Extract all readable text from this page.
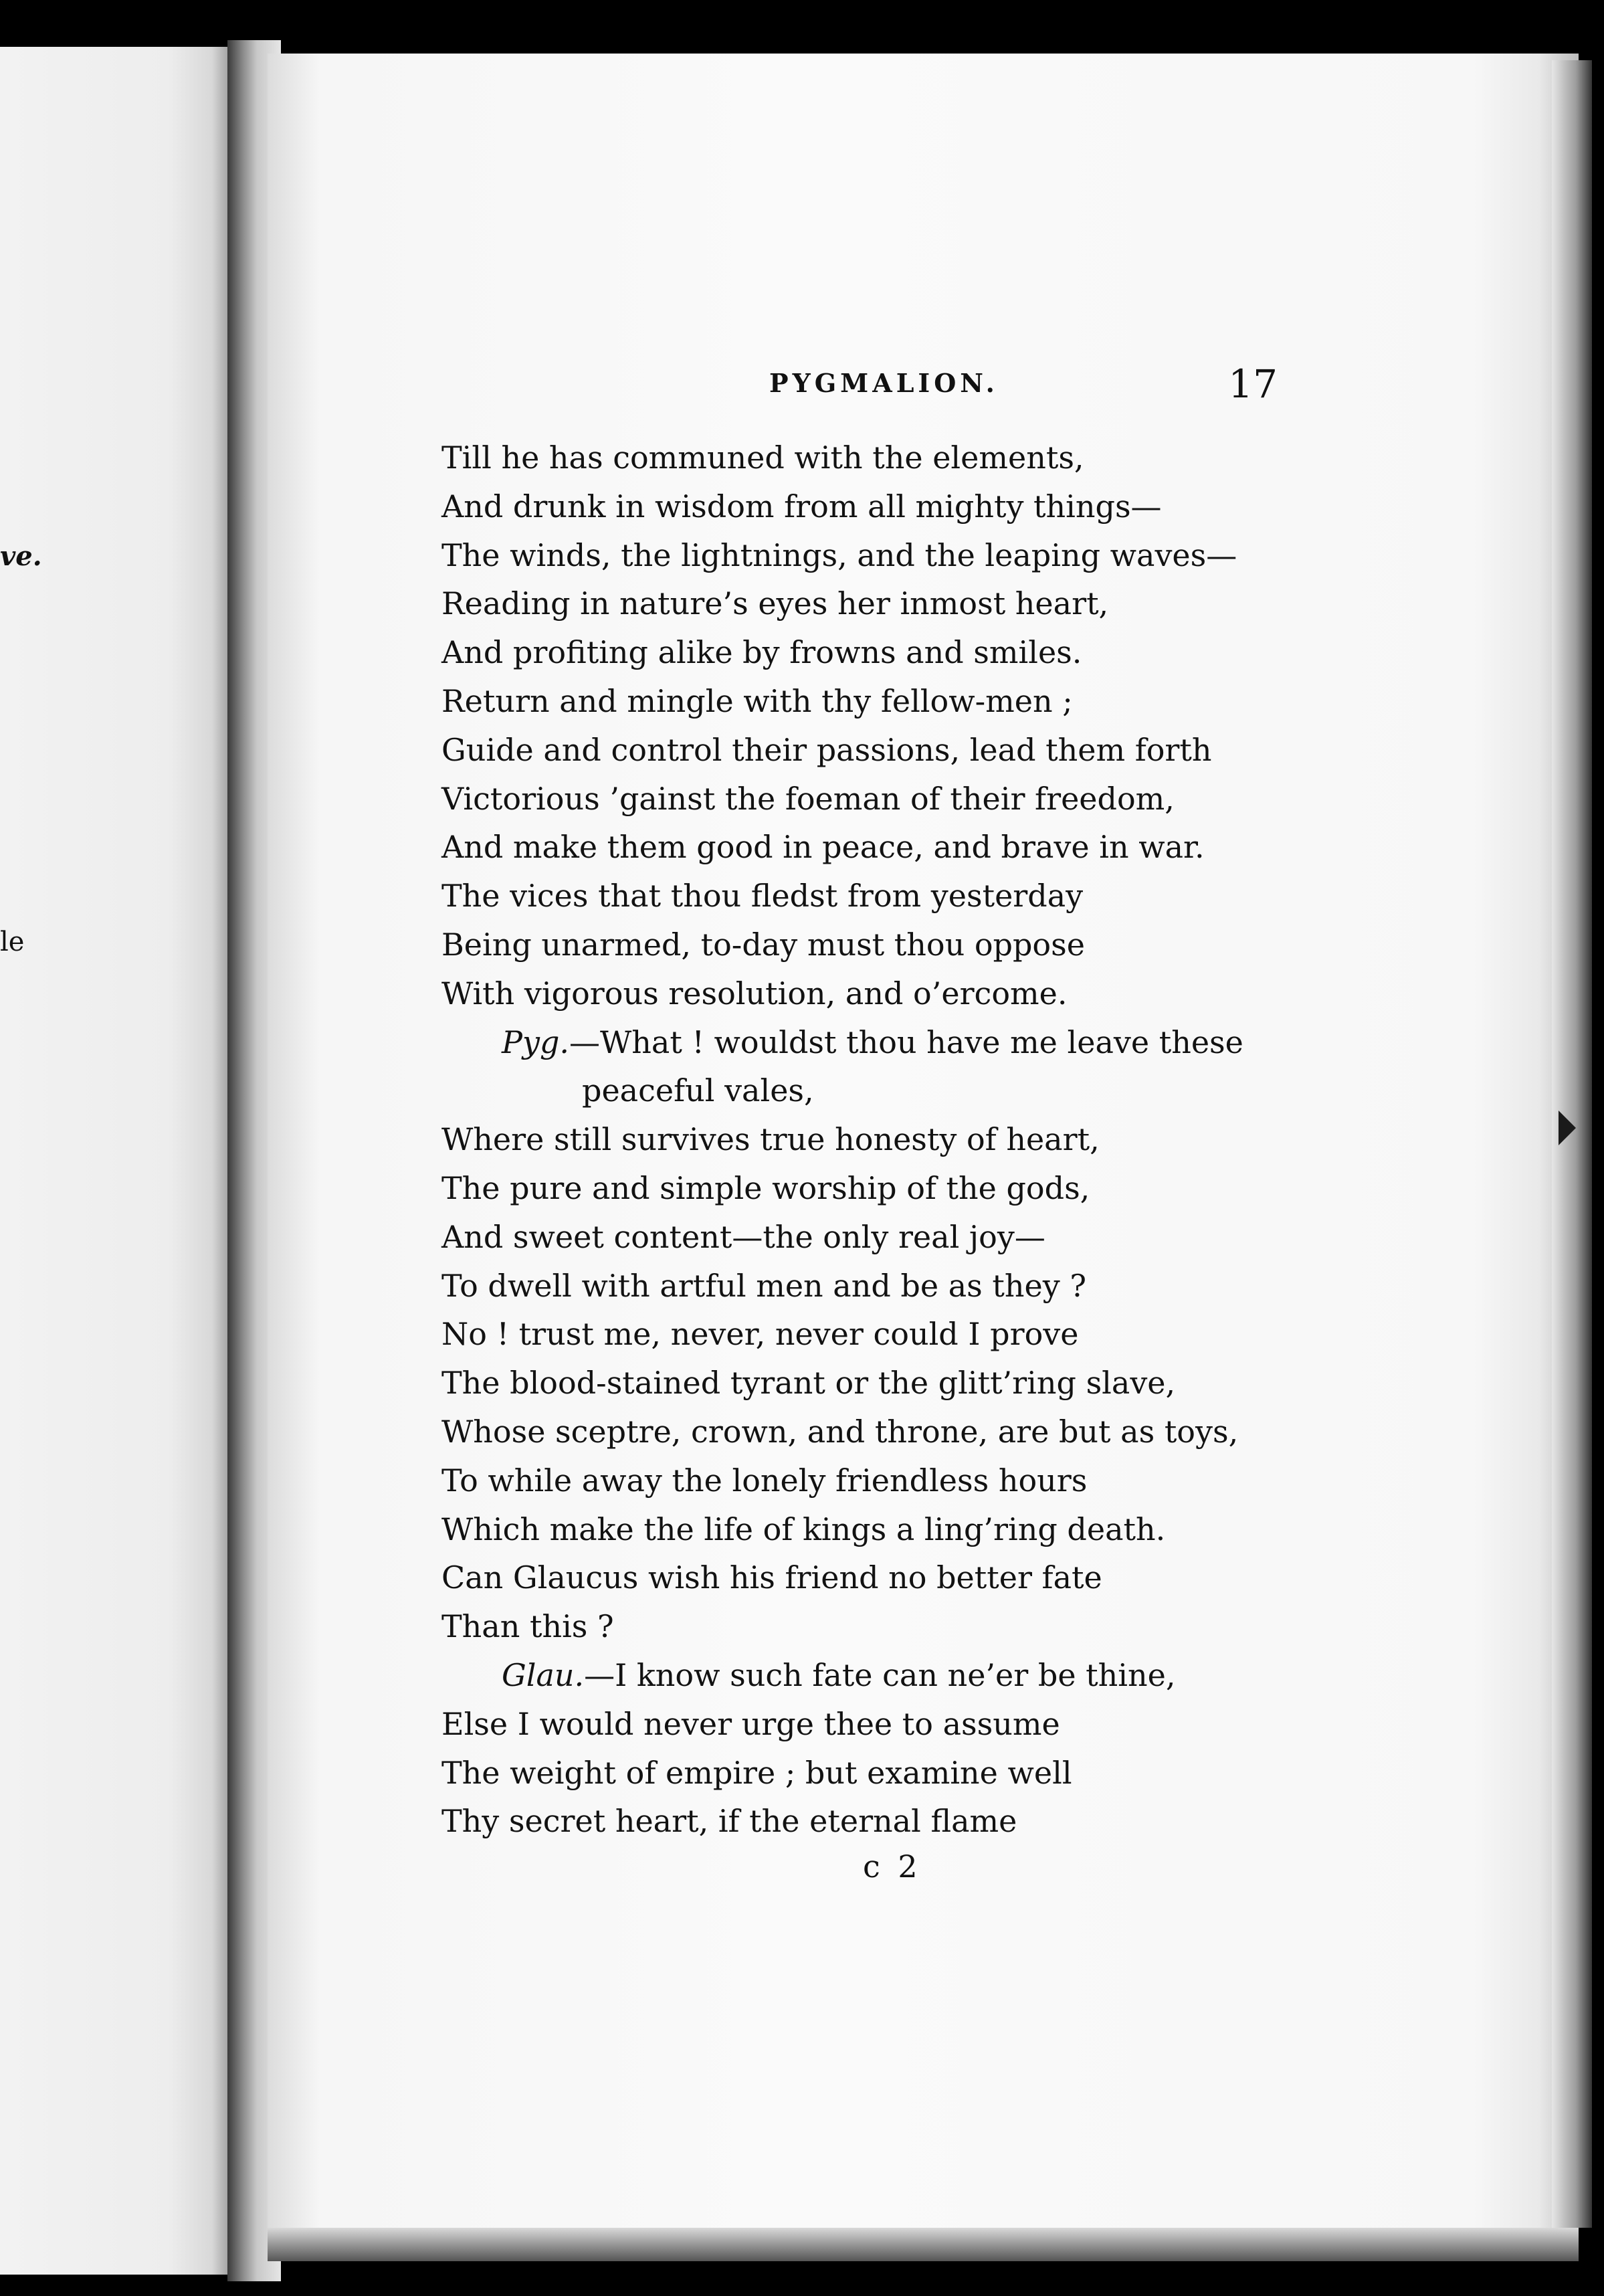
ve.
le
PYGMALION.	17
Till he has communed with the elements,
And drunk in wisdom from all mighty things—
The winds, the lightnings, and the leaping waves—
Reading in nature’s eyes her inmost heart,
And profiting alike by frowns and smiles.
Return and mingle with thy fellow-men ;
Guide and control their passions, lead them forth
Victorious ’gainst the foeman of their freedom,
And make them good in peace, and brave in war.
The vices that thou fledst from yesterday
Being unarmed, to-day must thou oppose
With vigorous resolution, and o’ercome.
Pyg.—What ! wouldst thou have me leave these
peaceful vales,
Where still survives true honesty of heart,
The pure and simple worship of the gods,
And sweet content—the only real joy—
To dwell with artful men and be as they ?
No ! trust me, never, never could I prove
The blood-stained tyrant or the glitt’ring slave,
Whose sceptre, crown, and throne, are but as toys,
To while away the lonely friendless hours
Which make the life of kings a ling’ring death.
Can Glaucus wish his friend no better fate
Than this ?
Glau.—I know such fate can ne’er be thine,
Else I would never urge thee to assume
The weight of empire ; but examine well
Thy secret heart, if the eternal flame
c 2
